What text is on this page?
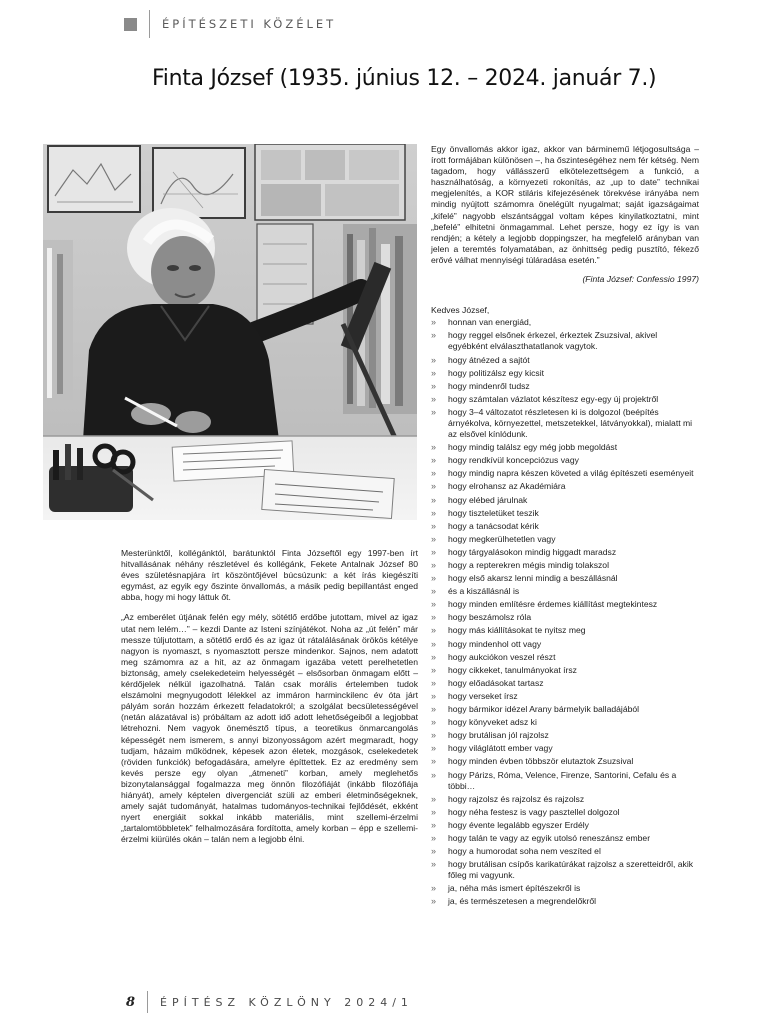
ÉPÍTÉSZETI KÖZÉLET
Finta József (1935. június 12. – 2024. január 7.)

Mesterünktől, kollégánktól, barátunktól Finta Józseftől egy 1997-ben írt hitvallásának néhány részletével és kollégánk, Fekete Antalnak József 80 éves születésnapjára írt köszöntőjével búcsúzunk: a két írás kiegészíti egymást, az egyik egy őszinte önvallomás, a másik pedig bepillantást enged abba, hogy mi hogy láttuk őt.

„Az emberélet útjának felén egy mély, sötétlő erdőbe jutottam, mivel az igaz utat nem lelém…” – kezdi Dante az Isteni színjátékot. Noha az „út felén” már messze túljutottam, a sötétlő erdő és az igaz út rátalálásának örökös kétélye nagyon is nyomaszt, s nyomasztott persze mindenkor. Sajnos, nem adatott meg számomra az a hit, az az önmagam igazába vetett perelhetetlen biztonság, amely cselekedeteim helyességét – elsősorban önmagam előtt – kérdőjelek nélkül igazolhatná. Talán csak morális értelemben tudok elszámolni megnyugodott lélekkel az immáron harminckilenc év óta járt pályám során hozzám érkezett feladatokról; a szolgálat becsületességével (netán alázatával is) próbáltam az adott idő adott lehetőségeiből a legjobbat létrehozni. Nem vagyok önemésztő típus, a teoretikus önmarcangolás képességét nem ismerem, s annyi bizonyosságom azért megmaradt, hogy tudjam, házaim működnek, képesek azon életek, mozgások, cselekedetek (röviden funkciók) befogadására, amelyre építtettek. Ez az eredmény sem kevés persze egy olyan „átmeneti” korban, amely meglehetős bizonytalansággal fogalmazza meg önnön filozófiáját (inkább filozófiája hiányát), amely képtelen divergenciát szüli az emberi életminőségeknek, amely saját tudományát, hatalmas tudományos-technikai fejlődését, ekként nyert energiáit sokkal inkább materiális, mint szellemi-érzelmi „tartalomtöbbletek” felhalmozására fordította, amely korban – épp e szellemi-érzelmi kiürülés okán – talán nem a legjobb élni.

Egy önvallomás akkor igaz, akkor van bárminemű létjogosultsága – írott formájában különösen –, ha őszinteségéhez nem fér kétség. Nem tagadom, hogy vállásszerű elkötelezettségem a funkció, a használhatóság, a környezeti rokonítás, az „up to date” technikai megjelenítés, a KOR stiláris kifejezésének törekvése irányába nem mindig nyújtott számomra önelégült nyugalmat; saját igazságaimat „kifelé” nagyobb elszántsággal voltam képes kinyilatkoztatni, mint „befelé” elhitetni önmagammal. Lehet persze, hogy ez így is van rendjén; a kétely a legjobb doppingszer, ha megfelelő arányban van jelen a teremtés folyamatában, az önhittség pedig pusztító, fékező erővé válhat mennyiségi túláradása esetén.”

(Finta József: Confessio 1997)

Kedves József,

» honnan van energiád,
» hogy reggel elsőnek érkezel, érkeztek Zsuzsival, akivel egyébként elválaszthatatlanok vagytok.
» hogy átnézed a sajtót
» hogy politizálsz egy kicsit
» hogy mindenről tudsz
» hogy számtalan vázlatot készítesz egy-egy új projektről
» hogy 3–4 változatot részletesen ki is dolgozol (beépítés árnyékolva, környezettel, metszetekkel, látványokkal), mialatt mi az elsővel kínlódunk.
» hogy mindig találsz egy még jobb megoldást
» hogy rendkívül koncepciózus vagy
» hogy mindig napra készen követed a világ építészeti eseményeit
» hogy elrohansz az Akadémiára
» hogy elébed járulnak
» hogy tiszteletüket teszik
» hogy a tanácsodat kérik
» hogy megkerülhetetlen vagy
» hogy tárgyalásokon mindig higgadt maradsz
» hogy a repterekren mégis mindig tolakszol
» hogy első akarsz lenni mindig a beszállásnál
» és a kiszállásnál is
» hogy minden említésre érdemes kiállítást megtekintesz
» hogy beszámolsz róla
» hogy más kiállításokat te nyitsz meg
» hogy mindenhol ott vagy
» hogy aukciókon veszel részt
» hogy cikkeket, tanulmányokat írsz
» hogy előadásokat tartasz
» hogy verseket írsz
» hogy bármikor idézel Arany bármelyik balladájából
» hogy könyveket adsz ki
» hogy brutálisan jól rajzolsz
» hogy világlátott ember vagy
» hogy minden évben többször elutaztok Zsuzsival
» hogy Párizs, Róma, Velence, Firenze, Santorini, Cefalu és a többi…
» hogy rajzolsz és rajzolsz és rajzolsz
» hogy néha festesz is vagy pasztellel dolgozol
» hogy évente legalább egyszer Erdély
» hogy talán te vagy az egyik utolsó reneszánsz ember
» hogy a humorodat soha nem veszíted el
» hogy brutálisan csípős karikatúrákat rajzolsz a szeretteidről, akik főleg mi vagyunk.
» ja, néha más ismert építészekről is
» ja, és természetesen a megrendelőkről
8 ÉPÍTÉSZ KÖZLÖNY 2024/1
